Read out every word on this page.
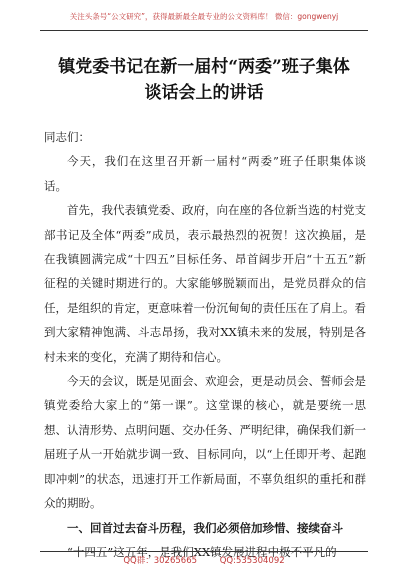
关注头条号“公文研究”，获得最新最全最专业的公文资料库！ 微信：gongwenyj
镇党委书记在新一届村“两委”班子集体
谈话会上的讲话

同志们：

今天，我们在这里召开新一届村“两委”班子任职集体谈话。

首先，我代表镇党委、政府，向在座的各位新当选的村党支部书记及全体“两委”成员，表示最热烈的祝贺！这次换届，是在我镇圆满完成“十四五”目标任务、昂首阔步开启“十五五”新征程的关键时期进行的。大家能够脱颖而出，是党员群众的信任，是组织的肯定，更意味着一份沉甸甸的责任压在了肩上。看到大家精神饱满、斗志昂扬，我对XX镇未来的发展，特别是各村未来的变化，充满了期待和信心。

今天的会议，既是见面会、欢迎会，更是动员会、誓师会是镇党委给大家上的“第一课”。这堂课的核心，就是要统一思想、认清形势、点明问题、交办任务、严明纪律，确保我们新一届班子从一开始就步调一致、目标同向，以“上任即开考、起跑即冲刺”的状态，迅速打开工作新局面，不辜负组织的重托和群众的期盼。

一、回首过去奋斗历程，我们必须倍加珍惜、接续奋斗

“十四五”这五年，是我们XX镇发展进程中极不平凡的

QQ群：30265665	QQ:535304092
